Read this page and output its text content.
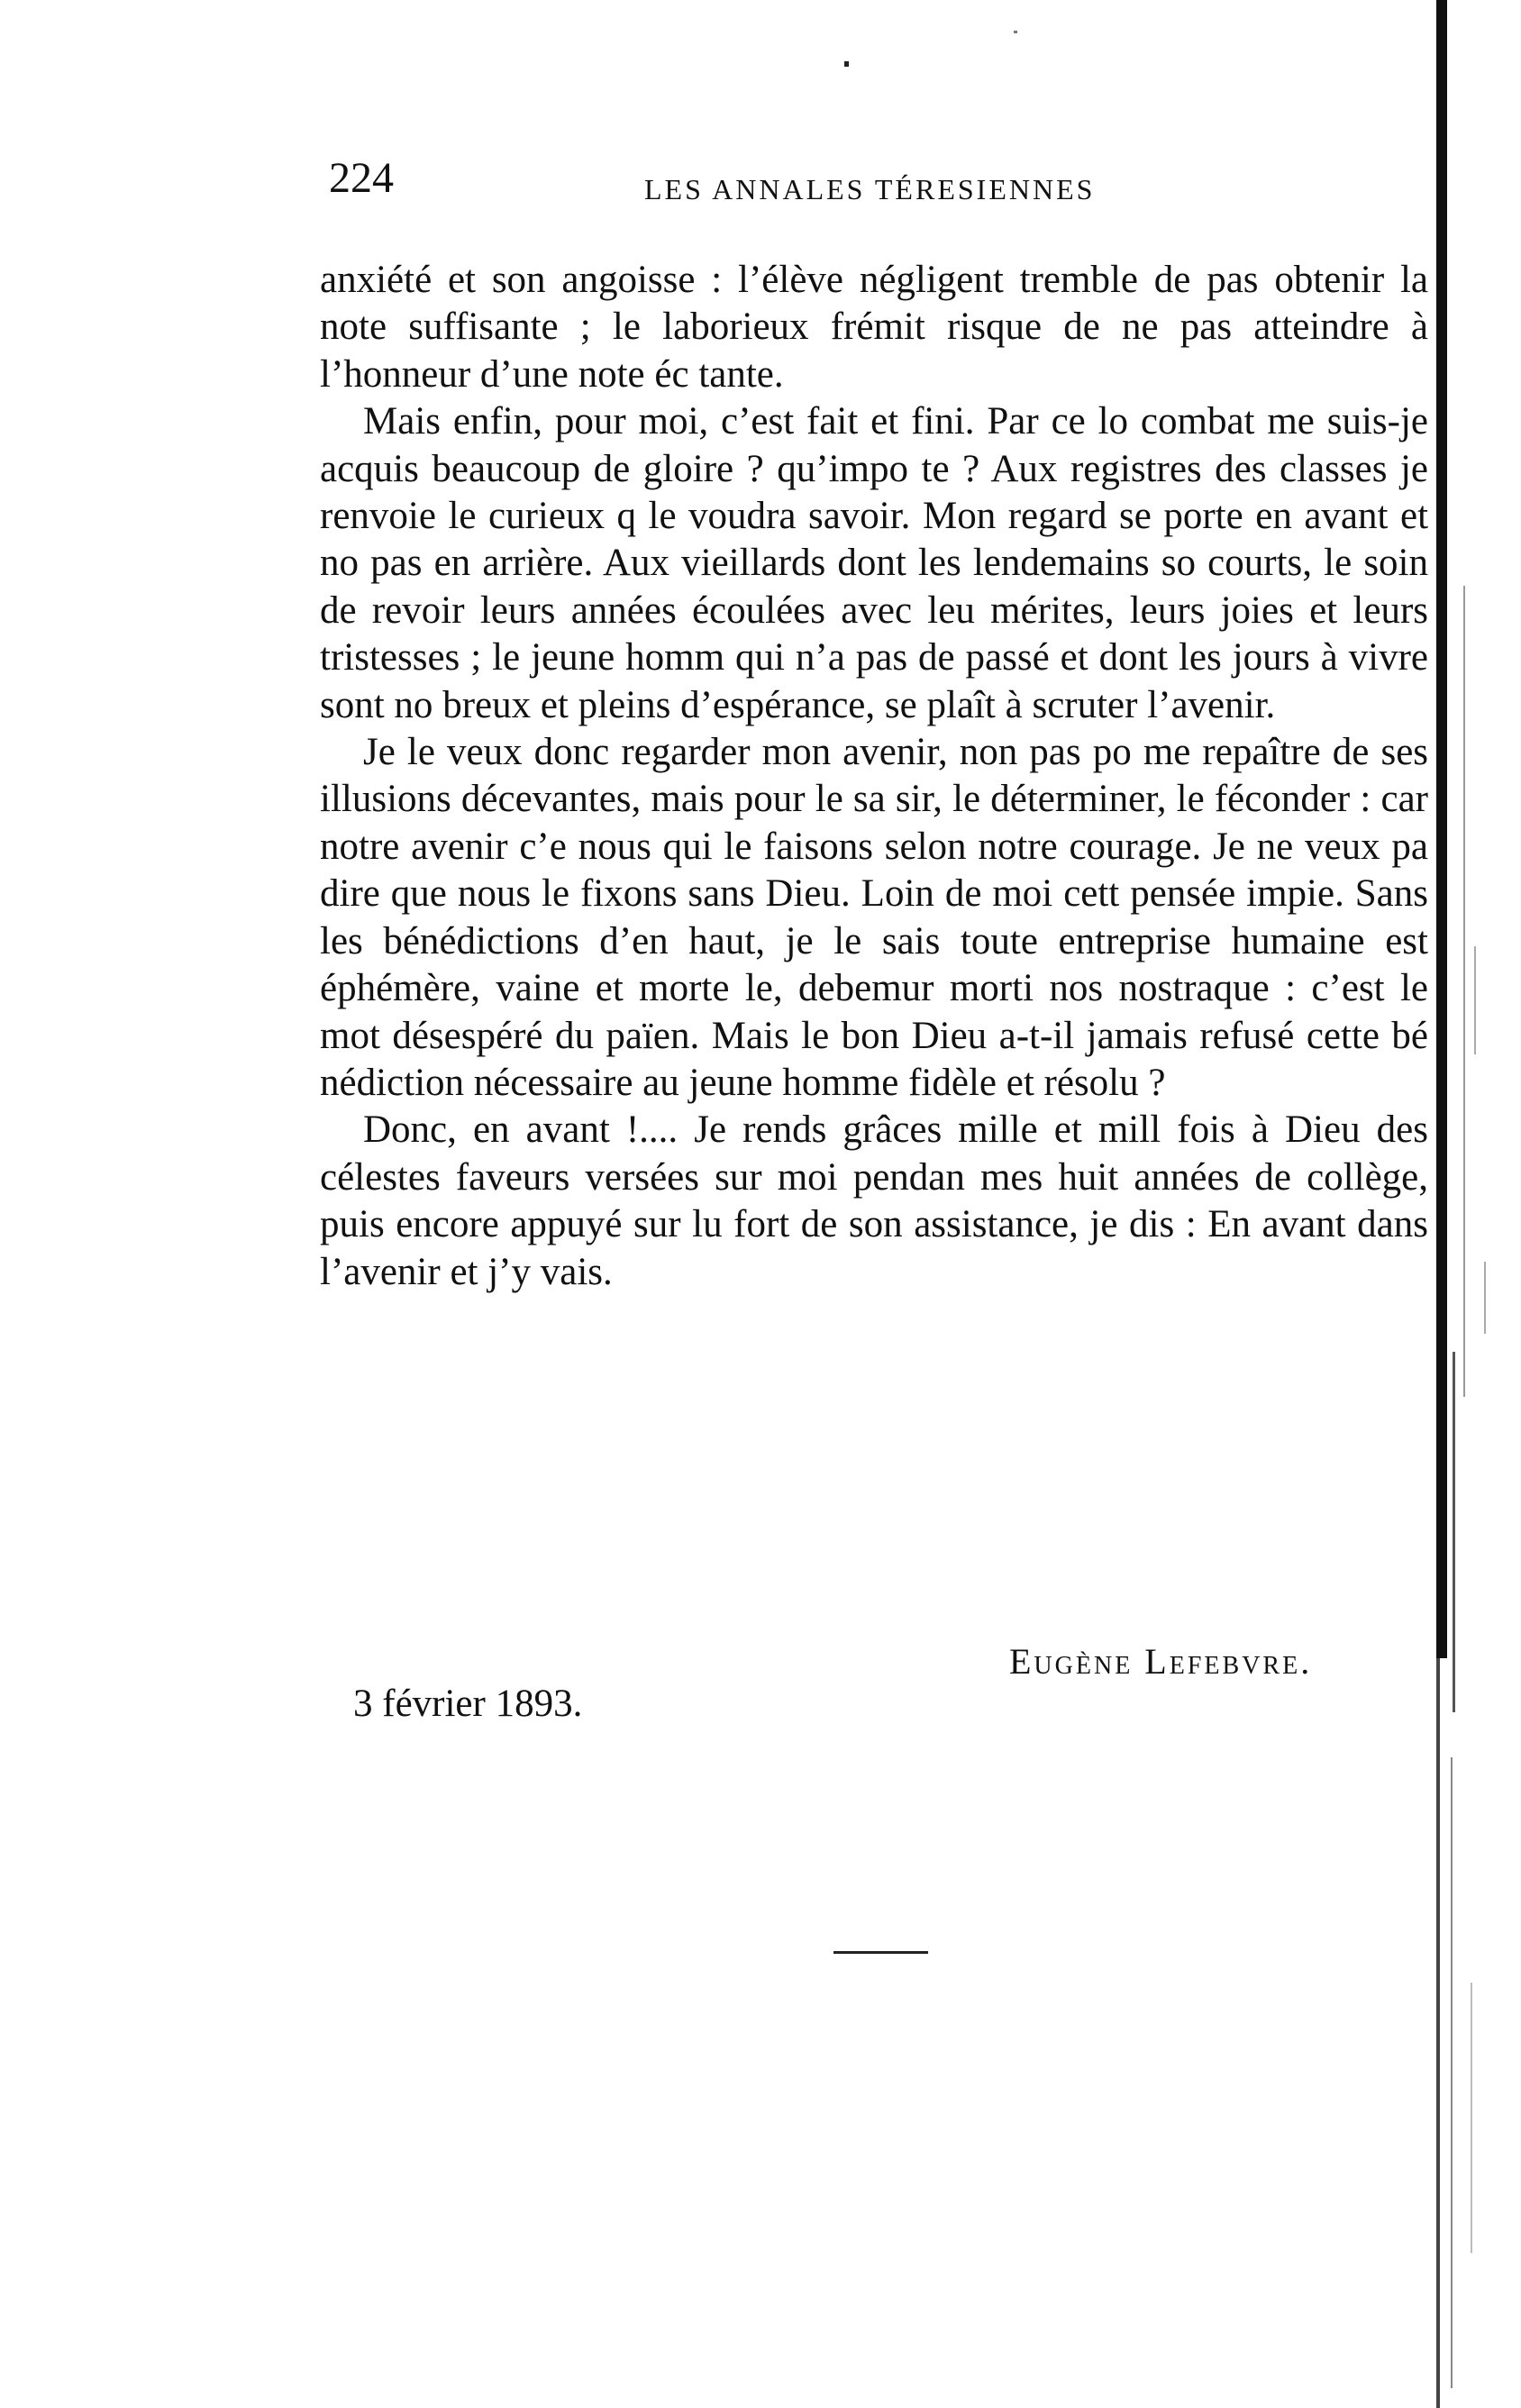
224	LES ANNALES TÉRESIENNES

anxiété et son angoisse : l’élève négligent tremble de pas obtenir la note suffisante ; le laborieux frémit risque de ne pas atteindre à l’honneur d’une note éc tante.

Mais enfin, pour moi, c’est fait et fini. Par ce lo combat me suis-je acquis beaucoup de gloire ? qu’impo te ? Aux registres des classes je renvoie le curieux q le voudra savoir. Mon regard se porte en avant et no pas en arrière. Aux vieillards dont les lendemains so courts, le soin de revoir leurs années écoulées avec leu mérites, leurs joies et leurs tristesses ; le jeune homm qui n’a pas de passé et dont les jours à vivre sont no breux et pleins d’espérance, se plaît à scruter l’avenir.

Je le veux donc regarder mon avenir, non pas po me repaître de ses illusions décevantes, mais pour le sa sir, le déterminer, le féconder : car notre avenir c’e nous qui le faisons selon notre courage. Je ne veux pa dire que nous le fixons sans Dieu. Loin de moi cett pensée impie. Sans les bénédictions d’en haut, je le sais toute entreprise humaine est éphémère, vaine et morte le, debemur morti nos nostraque : c’est le mot désespéré du païen. Mais le bon Dieu a-t-il jamais refusé cette bé nédiction nécessaire au jeune homme fidèle et résolu ?

Donc, en avant !.... Je rends grâces mille et mill fois à Dieu des célestes faveurs versées sur moi pendan mes huit années de collège, puis encore appuyé sur lu fort de son assistance, je dis : En avant dans l’avenir et j’y vais.

Eugène Lefebvre.
3 février 1893.
